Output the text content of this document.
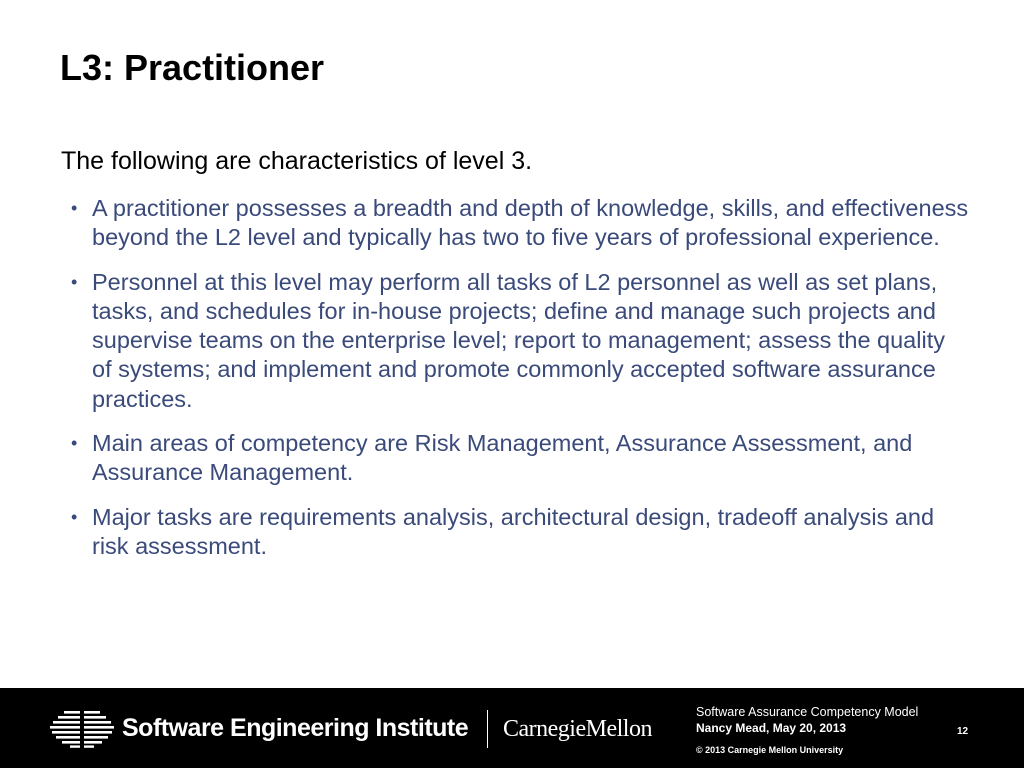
L3: Practitioner

The following are characteristics of level 3.

• A practitioner possesses a breadth and depth of knowledge, skills, and effectiveness beyond the L2 level and typically has two to five years of professional experience.
• Personnel at this level may perform all tasks of L2 personnel as well as set plans, tasks, and schedules for in-house projects; define and manage such projects and supervise teams on the enterprise level; report to management; assess the quality of systems; and implement and promote commonly accepted software assurance practices.
• Main areas of competency are Risk Management, Assurance Assessment, and Assurance Management.
• Major tasks are requirements analysis, architectural design, tradeoff analysis and risk assessment.
Software Engineering Institute CarnegieMellon
Software Assurance Competency Model
Nancy Mead, May 20, 2013
© 2013 Carnegie Mellon University
12
